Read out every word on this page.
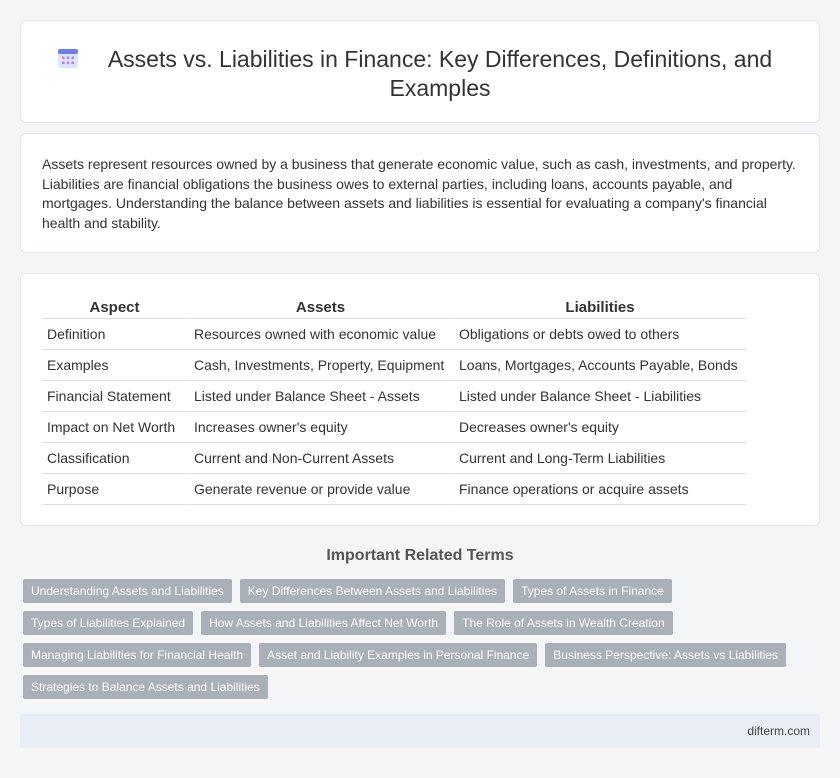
Assets vs. Liabilities in Finance: Key Differences, Definitions, and Examples

Assets represent resources owned by a business that generate economic value, such as cash, investments, and property. Liabilities are financial obligations the business owes to external parties, including loans, accounts payable, and mortgages. Understanding the balance between assets and liabilities is essential for evaluating a company's financial health and stability.

Aspect	Assets	Liabilities
Definition	Resources owned with economic value	Obligations or debts owed to others
Examples	Cash, Investments, Property, Equipment	Loans, Mortgages, Accounts Payable, Bonds
Financial Statement	Listed under Balance Sheet - Assets	Listed under Balance Sheet - Liabilities
Impact on Net Worth	Increases owner's equity	Decreases owner's equity
Classification	Current and Non-Current Assets	Current and Long-Term Liabilities
Purpose	Generate revenue or provide value	Finance operations or acquire assets
Important Related Terms
Understanding Assets and Liabilities	Key Differences Between Assets and Liabilities	Types of Assets in Finance
Types of Liabilities Explained	How Assets and Liabilities Affect Net Worth	The Role of Assets in Wealth Creation
Managing Liabilities for Financial Health	Asset and Liability Examples in Personal Finance	Business Perspective: Assets vs Liabilities
Strategies to Balance Assets and Liabilities
difterm.com
